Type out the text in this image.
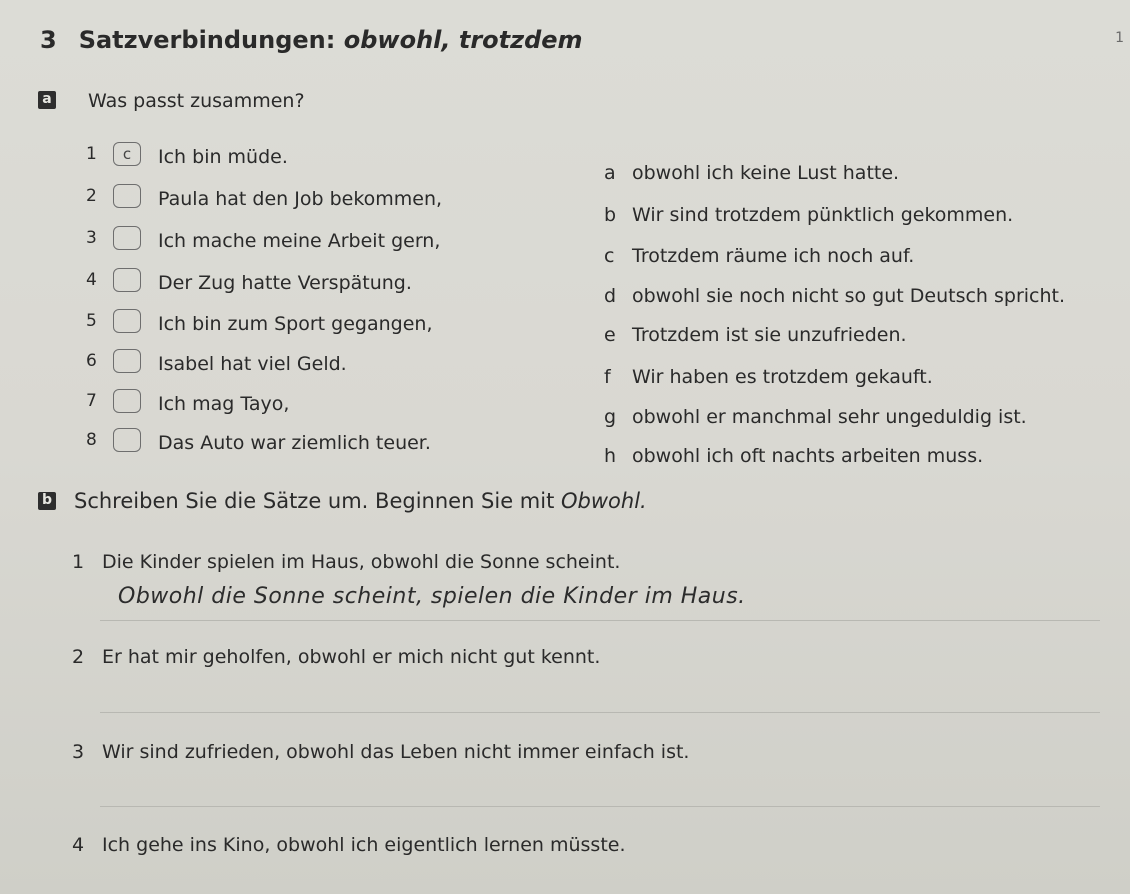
3 Satzverbindungen: obwohl, trotzdem	1
a Was passt zusammen?
1	c	Ich bin müde.
2	Paula hat den Job bekommen,
3	Ich mache meine Arbeit gern,
4	Der Zug hatte Verspätung.
5	Ich bin zum Sport gegangen,
6	Isabel hat viel Geld.
7	Ich mag Tayo,
8	Das Auto war ziemlich teuer.
a obwohl ich keine Lust hatte.
b Wir sind trotzdem pünktlich gekommen.
c Trotzdem räume ich noch auf.
d obwohl sie noch nicht so gut Deutsch spricht.
e Trotzdem ist sie unzufrieden.
f Wir haben es trotzdem gekauft.
g obwohl er manchmal sehr ungeduldig ist.
h obwohl ich oft nachts arbeiten muss.
b Schreiben Sie die Sätze um. Beginnen Sie mit Obwohl.
1 Die Kinder spielen im Haus, obwohl die Sonne scheint.
Obwohl die Sonne scheint, spielen die Kinder im Haus.
2 Er hat mir geholfen, obwohl er mich nicht gut kennt.
3 Wir sind zufrieden, obwohl das Leben nicht immer einfach ist.
4 Ich gehe ins Kino, obwohl ich eigentlich lernen müsste.
